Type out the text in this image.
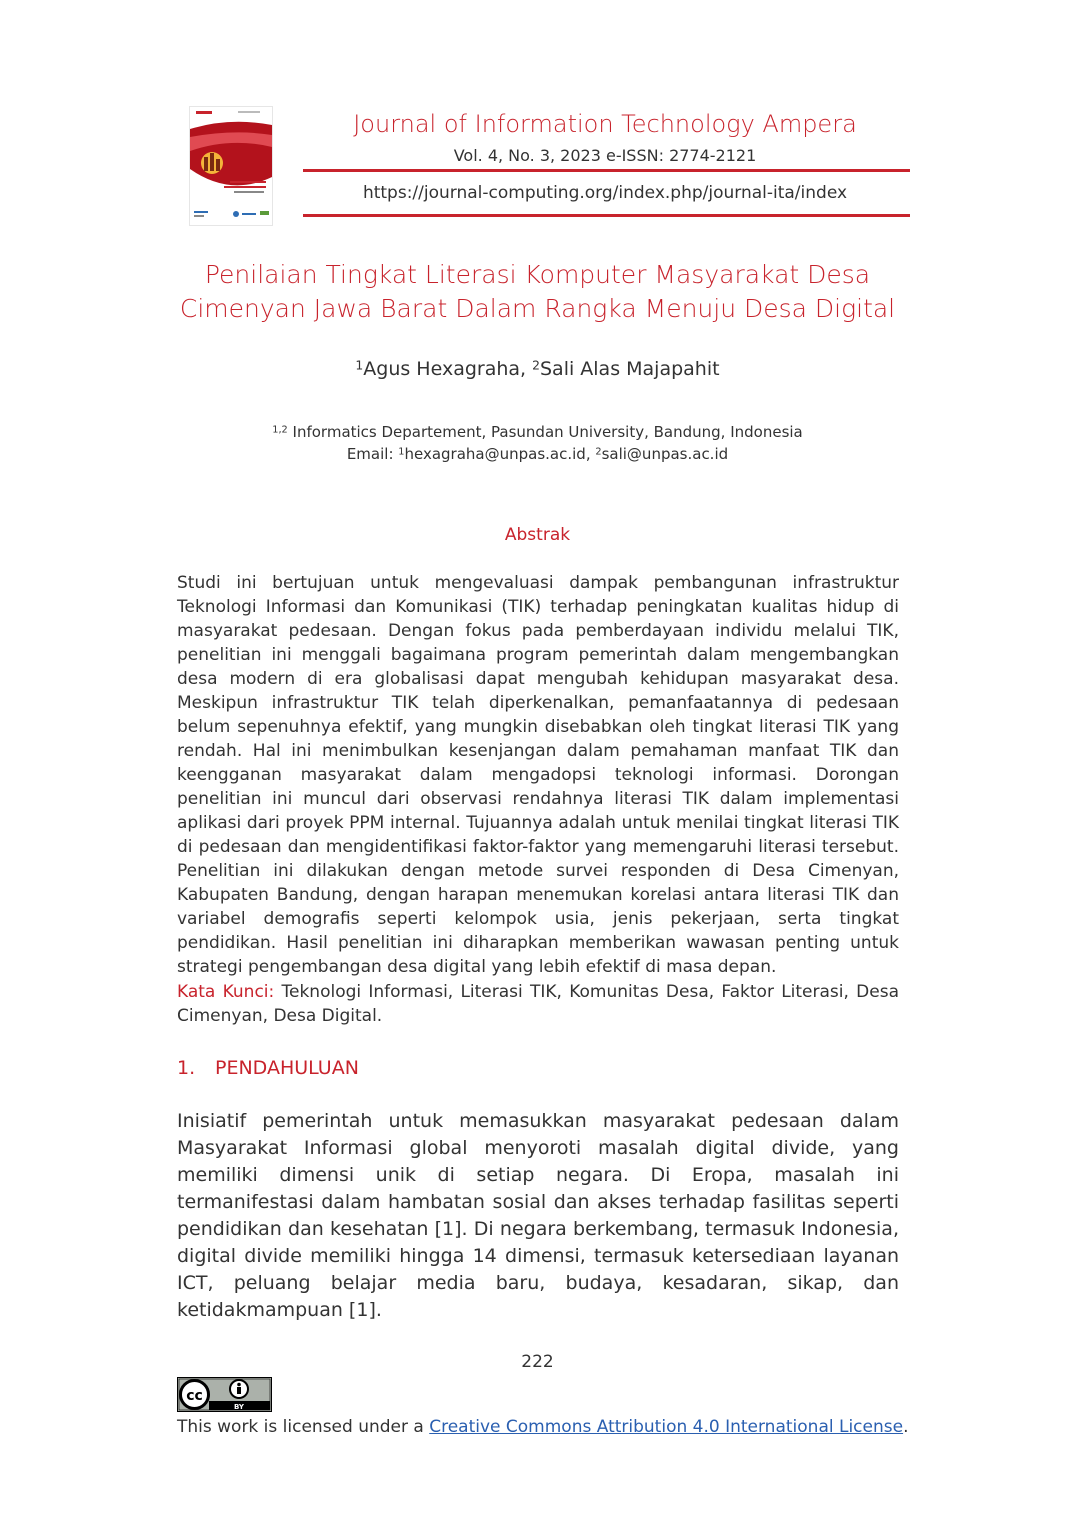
Journal of Information Technology Ampera
Vol. 4, No. 3, 2023 e-ISSN: 2774-2121
https://journal-computing.org/index.php/journal-ita/index
Penilaian Tingkat Literasi Komputer Masyarakat Desa
Cimenyan Jawa Barat Dalam Rangka Menuju Desa Digital
$^1$Agus Hexagraha, $^2$Sali Alas Majapahit
$^{1,2}$ Informatics Departement, Pasundan University, Bandung, Indonesia
Email: $^1$hexagraha@unpas.ac.id, $^2$sali@unpas.ac.id
Abstrak

Studi ini bertujuan untuk mengevaluasi dampak pembangunan infrastruktur Teknologi Informasi dan Komunikasi (TIK) terhadap peningkatan kualitas hidup di masyarakat pedesaan. Dengan fokus pada pemberdayaan individu melalui TIK, penelitian ini menggali bagaimana program pemerintah dalam mengembangkan desa modern di era globalisasi dapat mengubah kehidupan masyarakat desa. Meskipun infrastruktur TIK telah diperkenalkan, pemanfaatannya di pedesaan belum sepenuhnya efektif, yang mungkin disebabkan oleh tingkat literasi TIK yang rendah. Hal ini menimbulkan kesenjangan dalam pemahaman manfaat TIK dan keengganan masyarakat dalam mengadopsi teknologi informasi. Dorongan penelitian ini muncul dari observasi rendahnya literasi TIK dalam implementasi aplikasi dari proyek PPM internal. Tujuannya adalah untuk menilai tingkat literasi TIK di pedesaan dan mengidentifikasi faktor-faktor yang memengaruhi literasi tersebut. Penelitian ini dilakukan dengan metode survei responden di Desa Cimenyan, Kabupaten Bandung, dengan harapan menemukan korelasi antara literasi TIK dan variabel demografis seperti kelompok usia, jenis pekerjaan, serta tingkat pendidikan. Hasil penelitian ini diharapkan memberikan wawasan penting untuk strategi pengembangan desa digital yang lebih efektif di masa depan.

Kata Kunci: Teknologi Informasi, Literasi TIK, Komunitas Desa, Faktor Literasi, Desa Cimenyan, Desa Digital.

1. PENDAHULUAN

Inisiatif pemerintah untuk memasukkan masyarakat pedesaan dalam Masyarakat Informasi global menyoroti masalah digital divide, yang memiliki dimensi unik di setiap negara. Di Eropa, masalah ini termanifestasi dalam hambatan sosial dan akses terhadap fasilitas seperti pendidikan dan kesehatan [1]. Di negara berkembang, termasuk Indonesia, digital divide memiliki hingga 14 dimensi, termasuk ketersediaan layanan ICT, peluang belajar media baru, budaya, kesadaran, sikap, dan ketidakmampuan [1].

222
cc
BY
This work is licensed under a Creative Commons Attribution 4.0 International License.
